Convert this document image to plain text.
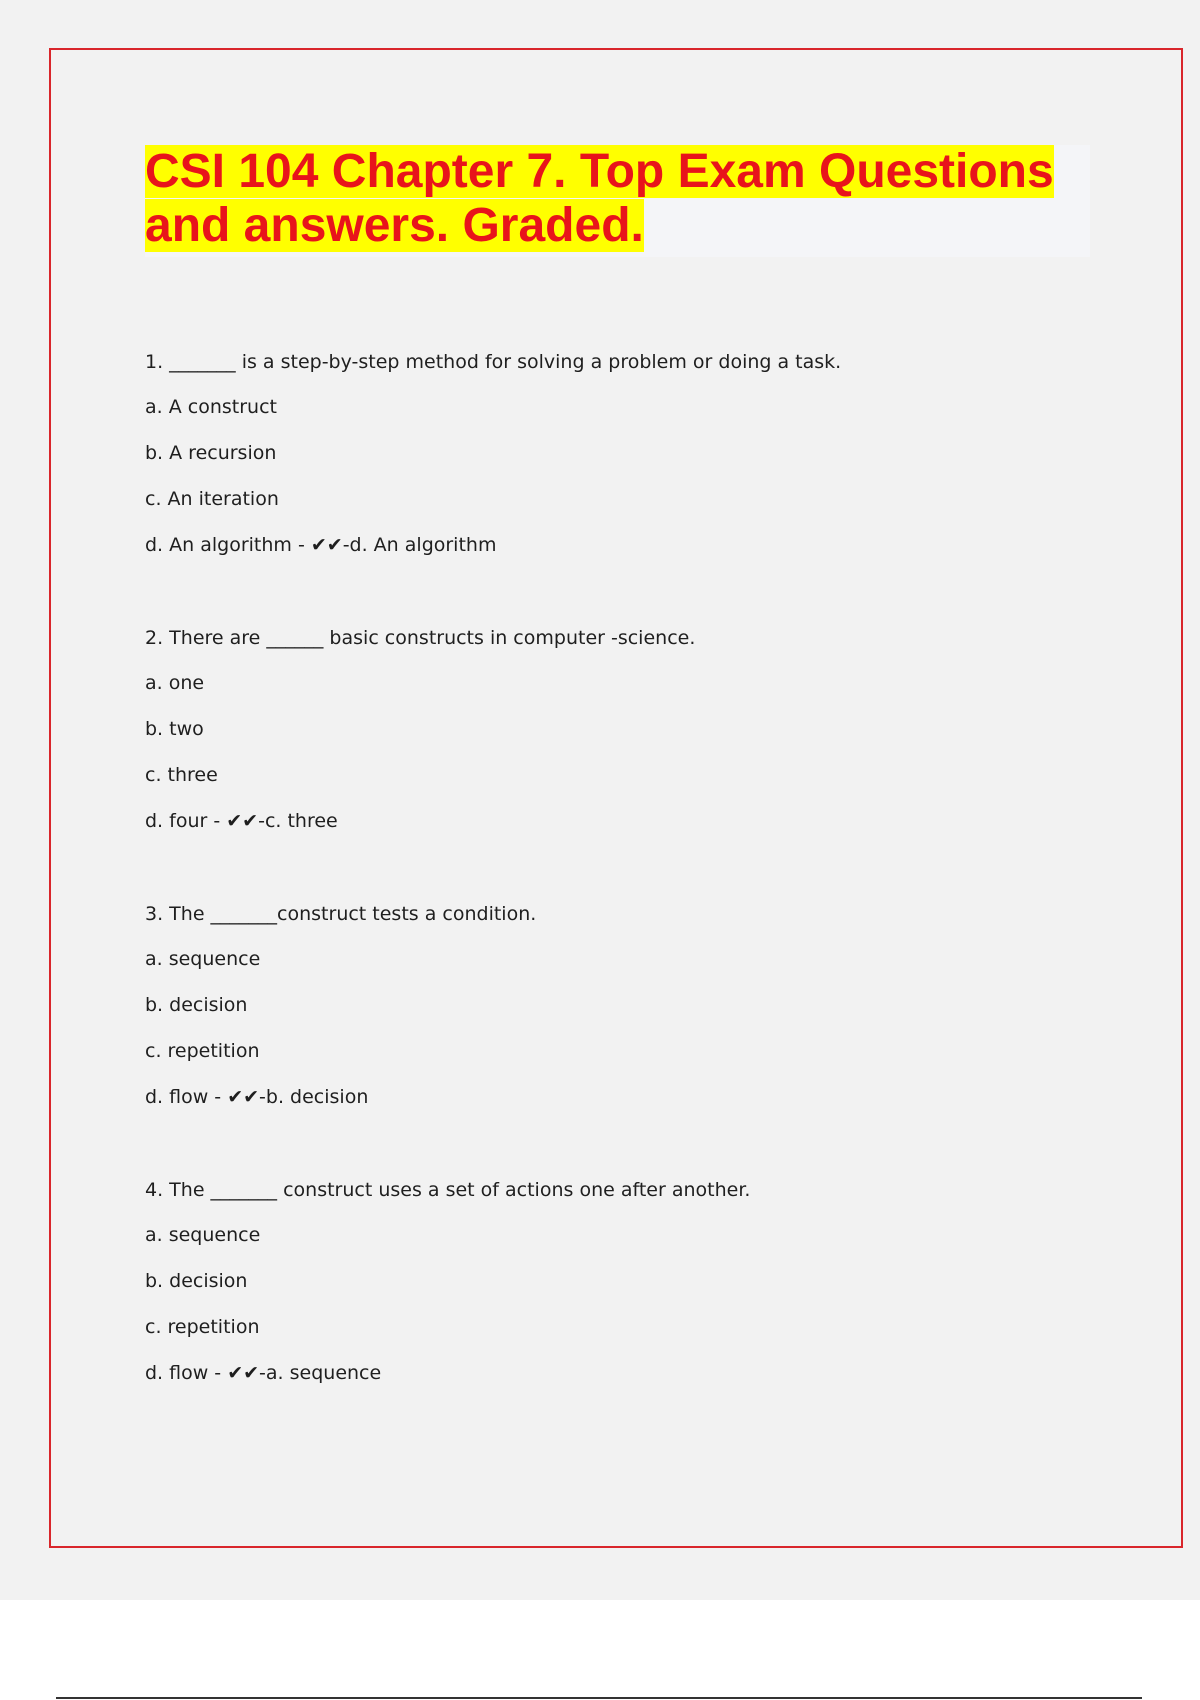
CSI 104 Chapter 7. Top Exam Questions and answers. Graded.

1. _______ is a step-by-step method for solving a problem or doing a task.

a. A construct

b. A recursion

c. An iteration

d. An algorithm - ✔✔-d. An algorithm

2. There are ______ basic constructs in computer -science.

a. one

b. two

c. three

d. four - ✔✔-c. three

3. The _______construct tests a condition.

a. sequence

b. decision

c. repetition

d. flow - ✔✔-b. decision

4. The _______ construct uses a set of actions one after another.

a. sequence

b. decision

c. repetition

d. flow - ✔✔-a. sequence
